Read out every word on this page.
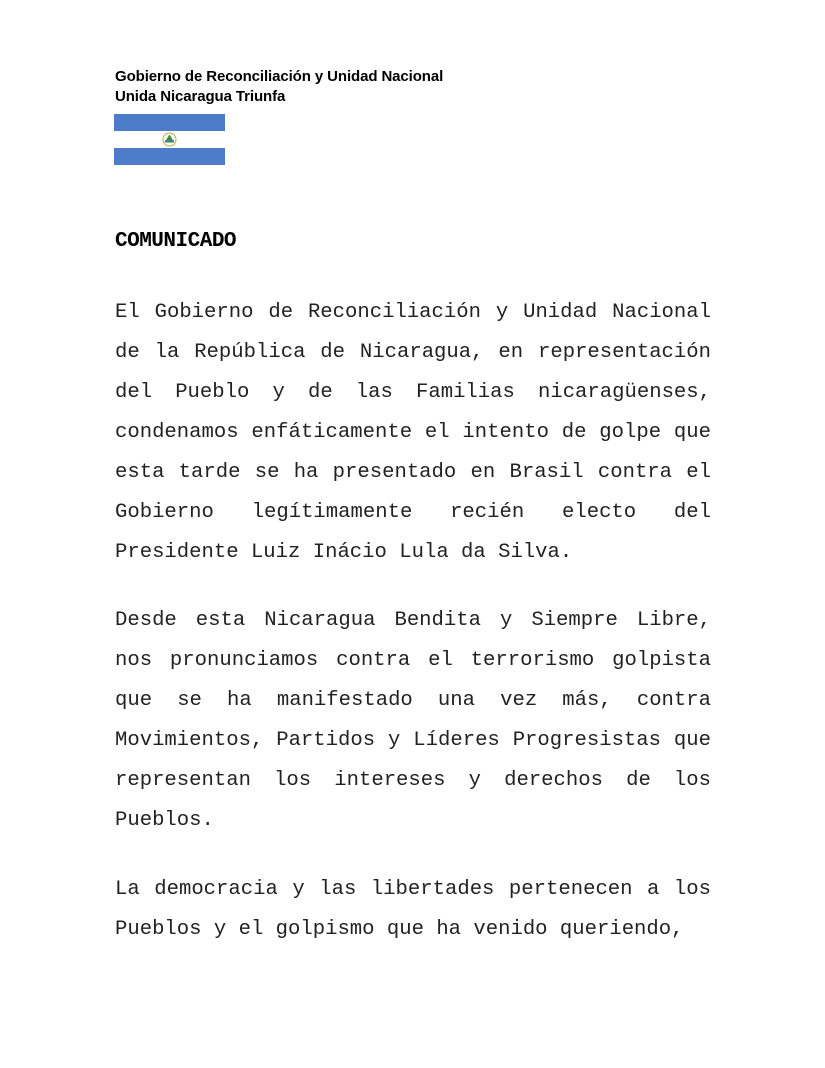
Gobierno de Reconciliación y Unidad Nacional
Unida Nicaragua Triunfa
COMUNICADO
El Gobierno de Reconciliación y Unidad Nacional de la República de Nicaragua, en representación del Pueblo y de las Familias nicaragüenses, condenamos enfáticamente el intento de golpe que esta tarde se ha presentado en Brasil contra el Gobierno legítimamente recién electo del Presidente Luiz Inácio Lula da Silva.
Desde esta Nicaragua Bendita y Siempre Libre, nos pronunciamos contra el terrorismo golpista que se ha manifestado una vez más, contra Movimientos, Partidos y Líderes Progresistas que representan los intereses y derechos de los Pueblos.
La democracia y las libertades pertenecen a los Pueblos y el golpismo que ha venido queriendo,
